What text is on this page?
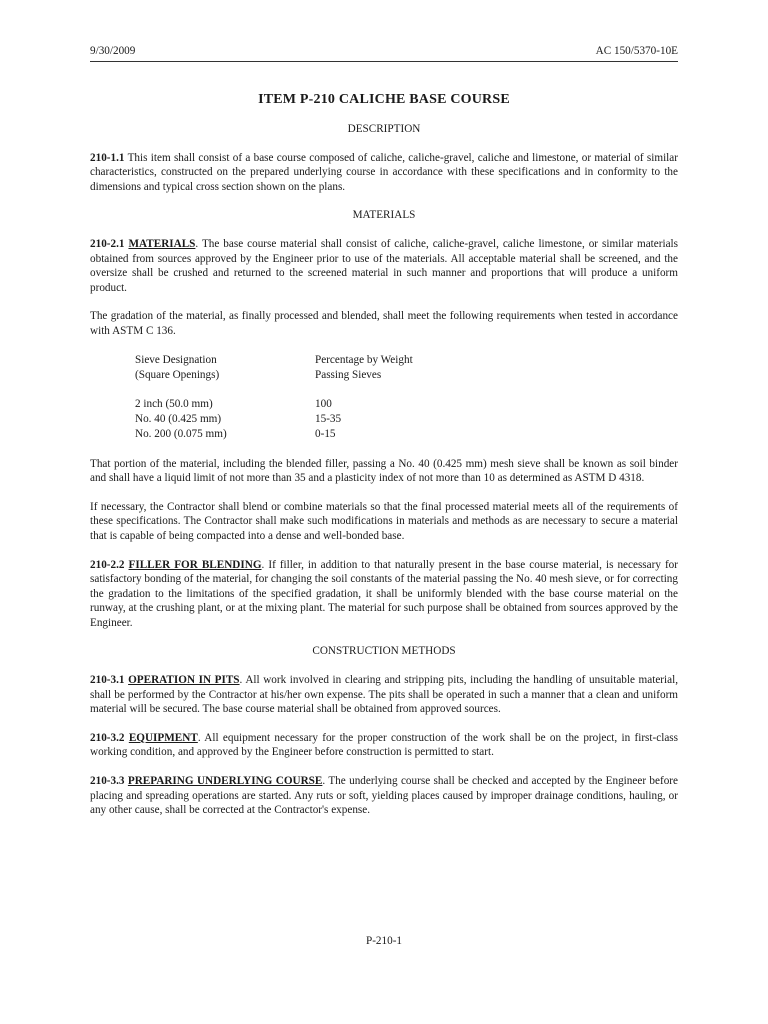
9/30/2009	AC 150/5370-10E
ITEM P-210 CALICHE BASE COURSE
DESCRIPTION

210-1.1 This item shall consist of a base course composed of caliche, caliche-gravel, caliche and limestone, or material of similar characteristics, constructed on the prepared underlying course in accordance with these specifications and in conformity to the dimensions and typical cross section shown on the plans.

MATERIALS

210-2.1 MATERIALS. The base course material shall consist of caliche, caliche-gravel, caliche limestone, or similar materials obtained from sources approved by the Engineer prior to use of the materials. All acceptable material shall be screened, and the oversize shall be crushed and returned to the screened material in such manner and proportions that will produce a uniform product.

The gradation of the material, as finally processed and blended, shall meet the following requirements when tested in accordance with ASTM C 136.

Sieve Designation	Percentage by Weight
(Square Openings)	Passing Sieves

2 inch (50.0 mm)	100
No. 40 (0.425 mm)	15-35
No. 200 (0.075 mm)	0-15

That portion of the material, including the blended filler, passing a No. 40 (0.425 mm) mesh sieve shall be known as soil binder and shall have a liquid limit of not more than 35 and a plasticity index of not more than 10 as determined as ASTM D 4318.

If necessary, the Contractor shall blend or combine materials so that the final processed material meets all of the requirements of these specifications. The Contractor shall make such modifications in materials and methods as are necessary to secure a material that is capable of being compacted into a dense and well-bonded base.

210-2.2 FILLER FOR BLENDING. If filler, in addition to that naturally present in the base course material, is necessary for satisfactory bonding of the material, for changing the soil constants of the material passing the No. 40 mesh sieve, or for correcting the gradation to the limitations of the specified gradation, it shall be uniformly blended with the base course material on the runway, at the crushing plant, or at the mixing plant. The material for such purpose shall be obtained from sources approved by the Engineer.

CONSTRUCTION METHODS

210-3.1 OPERATION IN PITS. All work involved in clearing and stripping pits, including the handling of unsuitable material, shall be performed by the Contractor at his/her own expense. The pits shall be operated in such a manner that a clean and uniform material will be secured. The base course material shall be obtained from approved sources.

210-3.2 EQUIPMENT. All equipment necessary for the proper construction of the work shall be on the project, in first-class working condition, and approved by the Engineer before construction is permitted to start.

210-3.3 PREPARING UNDERLYING COURSE. The underlying course shall be checked and accepted by the Engineer before placing and spreading operations are started. Any ruts or soft, yielding places caused by improper drainage conditions, hauling, or any other cause, shall be corrected at the Contractor's expense.

P-210-1
